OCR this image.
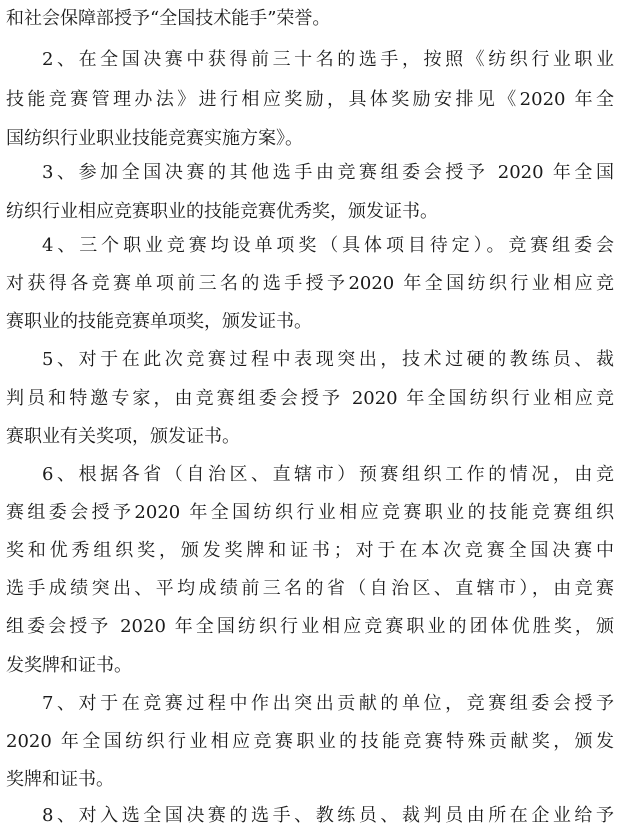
和社会保障部授予“全国技术能手”荣誉。
2、在全国决赛中获得前三十名的选手，按照《纺织行业职业
技能竞赛管理办法》进行相应奖励，具体奖励安排见《2020 年全
国纺织行业职业技能竞赛实施方案》。
3、参加全国决赛的其他选手由竞赛组委会授予 2020 年全国
纺织行业相应竞赛职业的技能竞赛优秀奖，颁发证书。
4、三个职业竞赛均设单项奖（具体项目待定）。竞赛组委会
对获得各竞赛单项前三名的选手授予2020 年全国纺织行业相应竞
赛职业的技能竞赛单项奖，颁发证书。
5、对于在此次竞赛过程中表现突出，技术过硬的教练员、裁
判员和特邀专家，由竞赛组委会授予 2020 年全国纺织行业相应竞
赛职业有关奖项，颁发证书。
6、根据各省（自治区、直辖市）预赛组织工作的情况，由竞
赛组委会授予2020 年全国纺织行业相应竞赛职业的技能竞赛组织
奖和优秀组织奖，颁发奖牌和证书；对于在本次竞赛全国决赛中
选手成绩突出、平均成绩前三名的省（自治区、直辖市），由竞赛
组委会授予 2020 年全国纺织行业相应竞赛职业的团体优胜奖，颁
发奖牌和证书。
7、对于在竞赛过程中作出突出贡献的单位，竞赛组委会授予
2020 年全国纺织行业相应竞赛职业的技能竞赛特殊贡献奖，颁发
奖牌和证书。
8、对入选全国决赛的选手、教练员、裁判员由所在企业给予
